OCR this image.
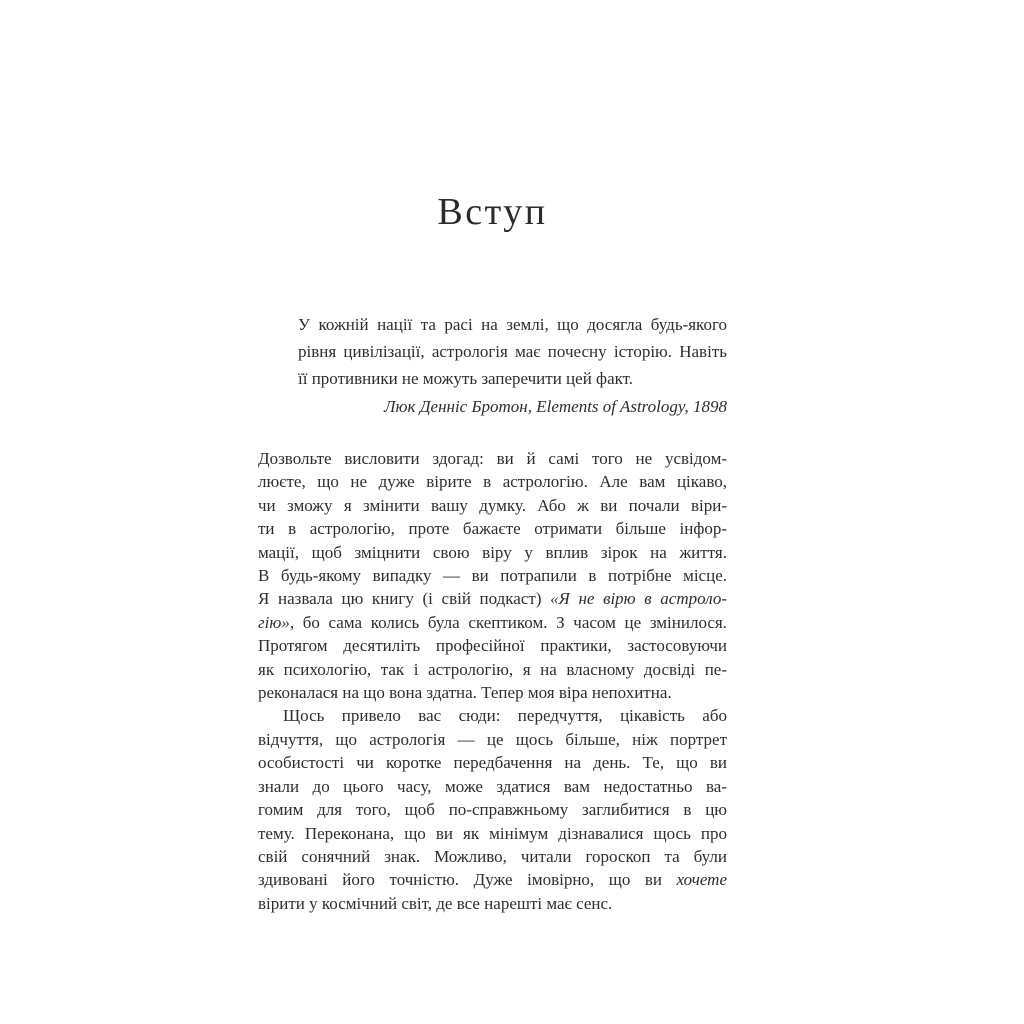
Вступ
У кожній нації та расі на землі, що досягла будь-якого
рівня цивілізації, астрологія має почесну історію. Навіть
її противники не можуть заперечити цей факт.
Люк Денніс Бротон, Elements of Astrology, 1898
Дозвольте висловити здогад: ви й самі того не усвідом-
люєте, що не дуже вірите в астрологію. Але вам цікаво,
чи зможу я змінити вашу думку. Або ж ви почали віри-
ти в астрологію, проте бажаєте отримати більше інфор-
мації, щоб зміцнити свою віру у вплив зірок на життя.
В будь-якому випадку — ви потрапили в потрібне місце.
Я назвала цю книгу (і свій подкаст) «Я не вірю в астроло-
гію», бо сама колись була скептиком. З часом це змінилося.
Протягом десятиліть професійної практики, застосовуючи
як психологію, так і астрологію, я на власному досвіді пе-
реконалася на що вона здатна. Тепер моя віра непохитна.
Щось привело вас сюди: передчуття, цікавість або
відчуття, що астрологія — це щось більше, ніж портрет
особистості чи коротке передбачення на день. Те, що ви
знали до цього часу, може здатися вам недостатньо ва-
гомим для того, щоб по-справжньому заглибитися в цю
тему. Переконана, що ви як мінімум дізнавалися щось про
свій сонячний знак. Можливо, читали гороскоп та були
здивовані його точністю. Дуже імовірно, що ви хочете
вірити у космічний світ, де все нарешті має сенс.
